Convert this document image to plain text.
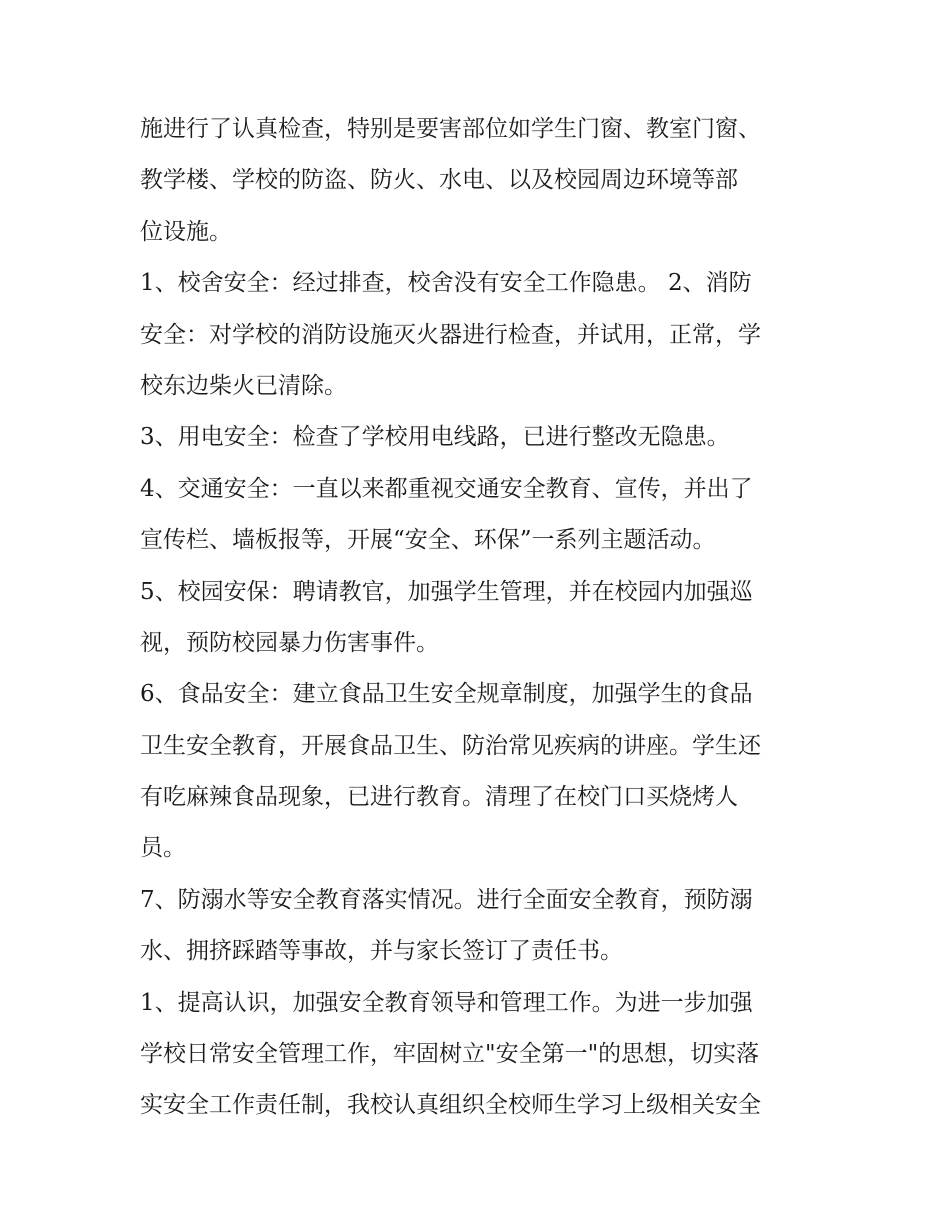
施进行了认真检查，特别是要害部位如学生门窗、教室门窗、

教学楼、学校的防盗、防火、水电、以及校园周边环境等部

位设施。

1、校舍安全：经过排查，校舍没有安全工作隐患。 2、消防

安全：对学校的消防设施灭火器进行检查，并试用，正常，学

校东边柴火已清除。

3、用电安全：检查了学校用电线路，已进行整改无隐患。

4、交通安全：一直以来都重视交通安全教育、宣传，并出了

宣传栏、墙板报等，开展“安全、环保”一系列主题活动。

5、校园安保：聘请教官，加强学生管理，并在校园内加强巡

视，预防校园暴力伤害事件。

6、食品安全：建立食品卫生安全规章制度，加强学生的食品

卫生安全教育，开展食品卫生、防治常见疾病的讲座。学生还

有吃麻辣食品现象，已进行教育。清理了在校门口买烧烤人

员。

7、防溺水等安全教育落实情况。进行全面安全教育，预防溺

水、拥挤踩踏等事故，并与家长签订了责任书。

1、提高认识，加强安全教育领导和管理工作。为进一步加强

学校日常安全管理工作，牢固树立"安全第一"的思想，切实落

实安全工作责任制，我校认真组织全校师生学习上级相关安全
